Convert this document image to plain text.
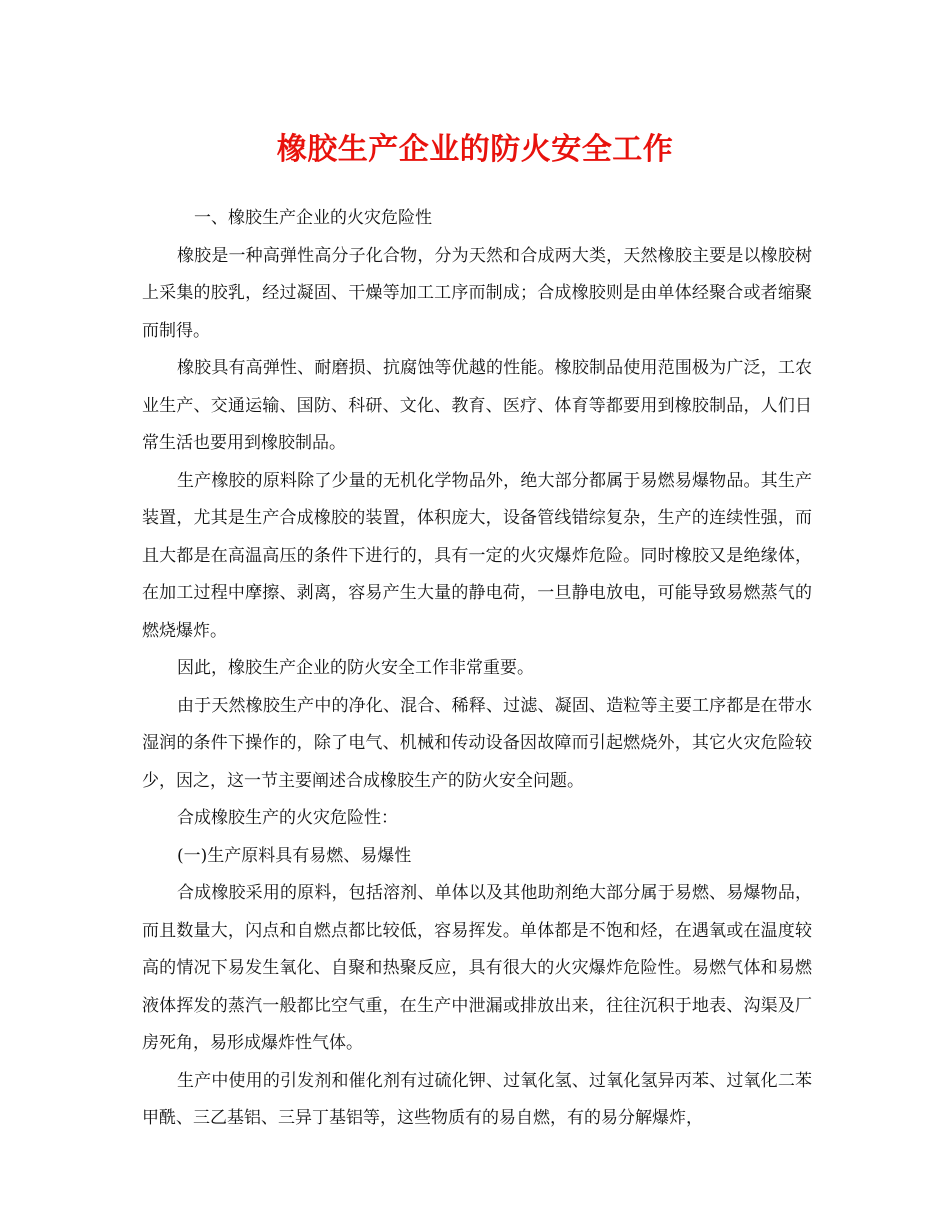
橡胶生产企业的防火安全工作

一、橡胶生产企业的火灾危险性

橡胶是一种高弹性高分子化合物，分为天然和合成两大类，天然橡胶主要是以橡胶树上采集的胶乳，经过凝固、干燥等加工工序而制成；合成橡胶则是由单体经聚合或者缩聚而制得。

橡胶具有高弹性、耐磨损、抗腐蚀等优越的性能。橡胶制品使用范围极为广泛，工农业生产、交通运输、国防、科研、文化、教育、医疗、体育等都要用到橡胶制品，人们日常生活也要用到橡胶制品。

生产橡胶的原料除了少量的无机化学物品外，绝大部分都属于易燃易爆物品。其生产装置，尤其是生产合成橡胶的装置，体积庞大，设备管线错综复杂，生产的连续性强，而且大都是在高温高压的条件下进行的，具有一定的火灾爆炸危险。同时橡胶又是绝缘体，在加工过程中摩擦、剥离，容易产生大量的静电荷，一旦静电放电，可能导致易燃蒸气的燃烧爆炸。

因此，橡胶生产企业的防火安全工作非常重要。

由于天然橡胶生产中的净化、混合、稀释、过滤、凝固、造粒等主要工序都是在带水湿润的条件下操作的，除了电气、机械和传动设备因故障而引起燃烧外，其它火灾危险较少，因之，这一节主要阐述合成橡胶生产的防火安全问题。

合成橡胶生产的火灾危险性：

(一)生产原料具有易燃、易爆性

合成橡胶采用的原料，包括溶剂、单体以及其他助剂绝大部分属于易燃、易爆物品，而且数量大，闪点和自燃点都比较低，容易挥发。单体都是不饱和烃，在遇氧或在温度较高的情况下易发生氧化、自聚和热聚反应，具有很大的火灾爆炸危险性。易燃气体和易燃液体挥发的蒸汽一般都比空气重，在生产中泄漏或排放出来，往往沉积于地表、沟渠及厂房死角，易形成爆炸性气体。

生产中使用的引发剂和催化剂有过硫化钾、过氧化氢、过氧化氢异丙苯、过氧化二苯甲酰、三乙基铝、三异丁基铝等，这些物质有的易自燃，有的易分解爆炸，
